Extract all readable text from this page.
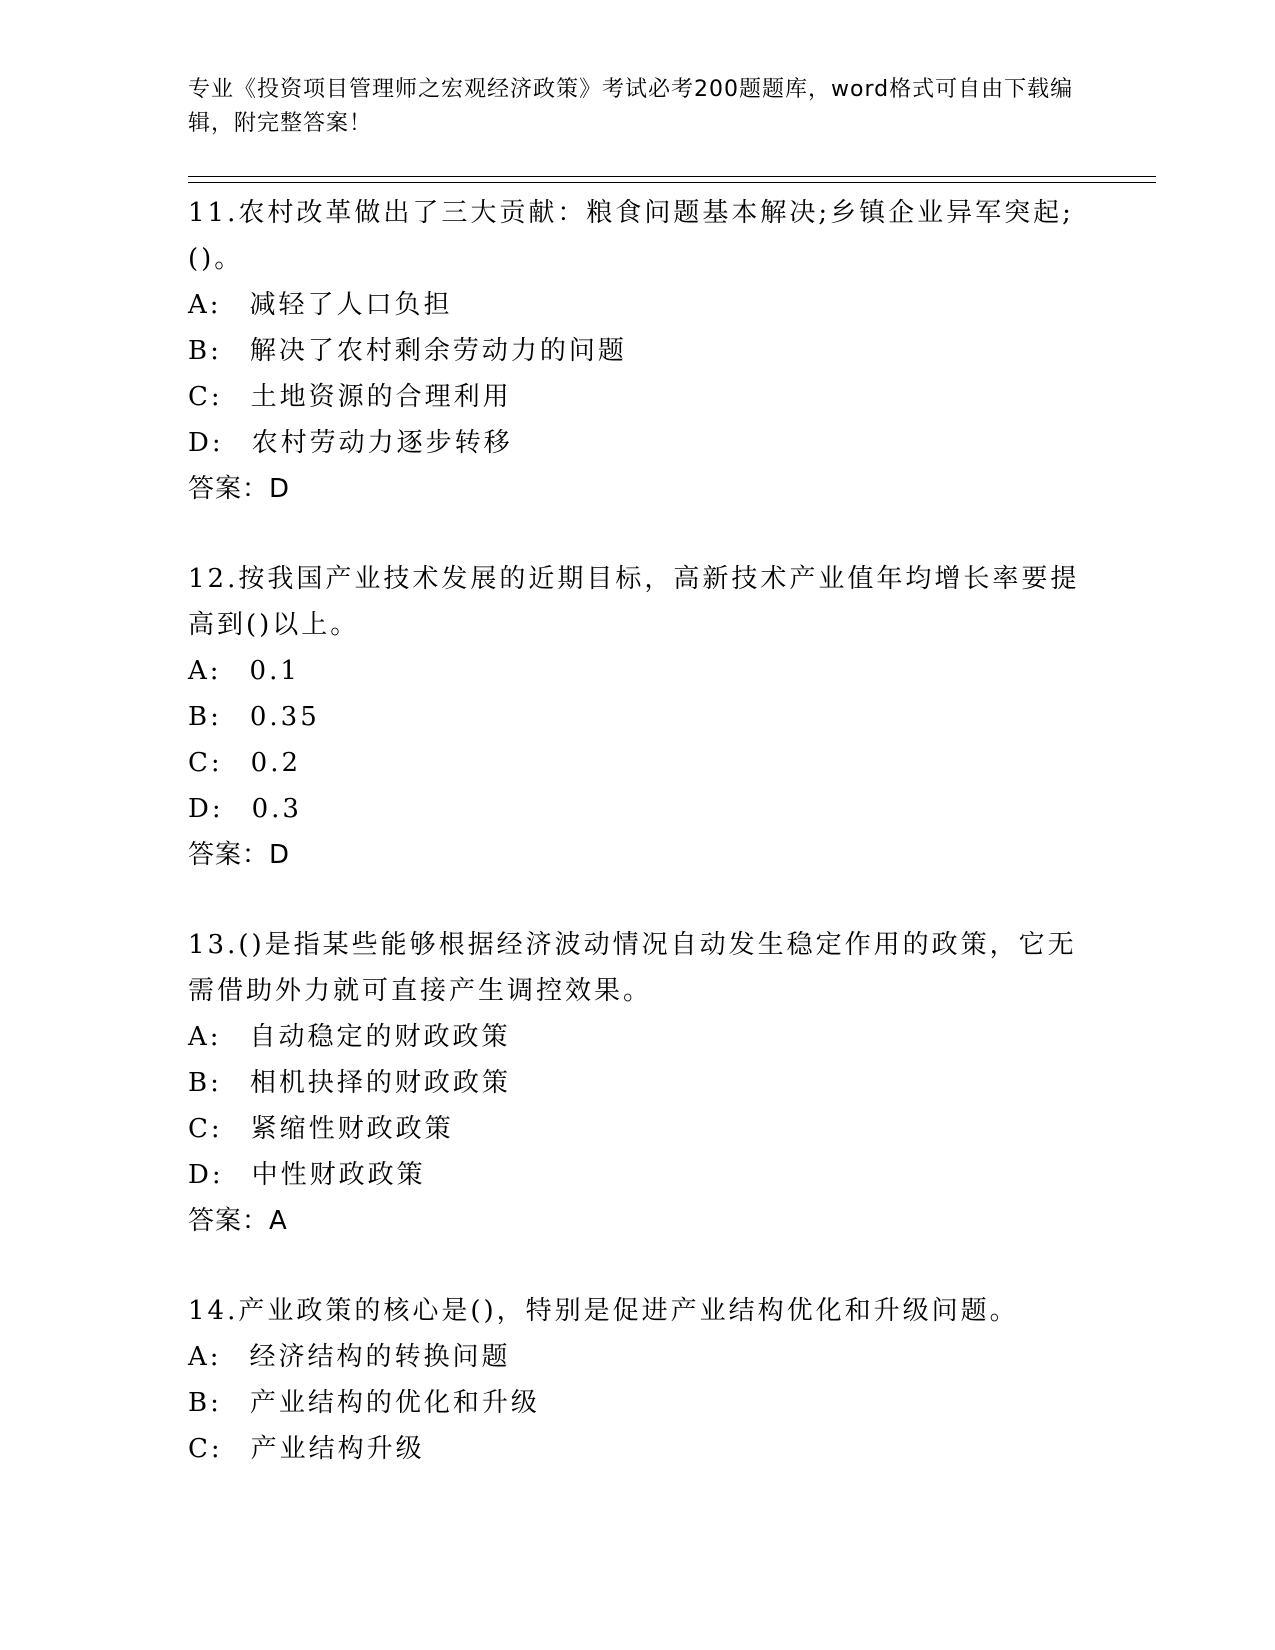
专业《投资项目管理师之宏观经济政策》考试必考200题题库，word格式可自由下载编辑，附完整答案！

11.农村改革做出了三大贡献：粮食问题基本解决;乡镇企业异军突起;()。

A: 减轻了人口负担

B: 解决了农村剩余劳动力的问题

C: 土地资源的合理利用

D: 农村劳动力逐步转移

答案：D

12.按我国产业技术发展的近期目标，高新技术产业值年均增长率要提高到()以上。

A: 0.1

B: 0.35

C: 0.2

D: 0.3

答案：D

13.()是指某些能够根据经济波动情况自动发生稳定作用的政策，它无需借助外力就可直接产生调控效果。

A: 自动稳定的财政政策

B: 相机抉择的财政政策

C: 紧缩性财政政策

D: 中性财政政策

答案：A

14.产业政策的核心是()，特别是促进产业结构优化和升级问题。

A: 经济结构的转换问题

B: 产业结构的优化和升级

C: 产业结构升级
